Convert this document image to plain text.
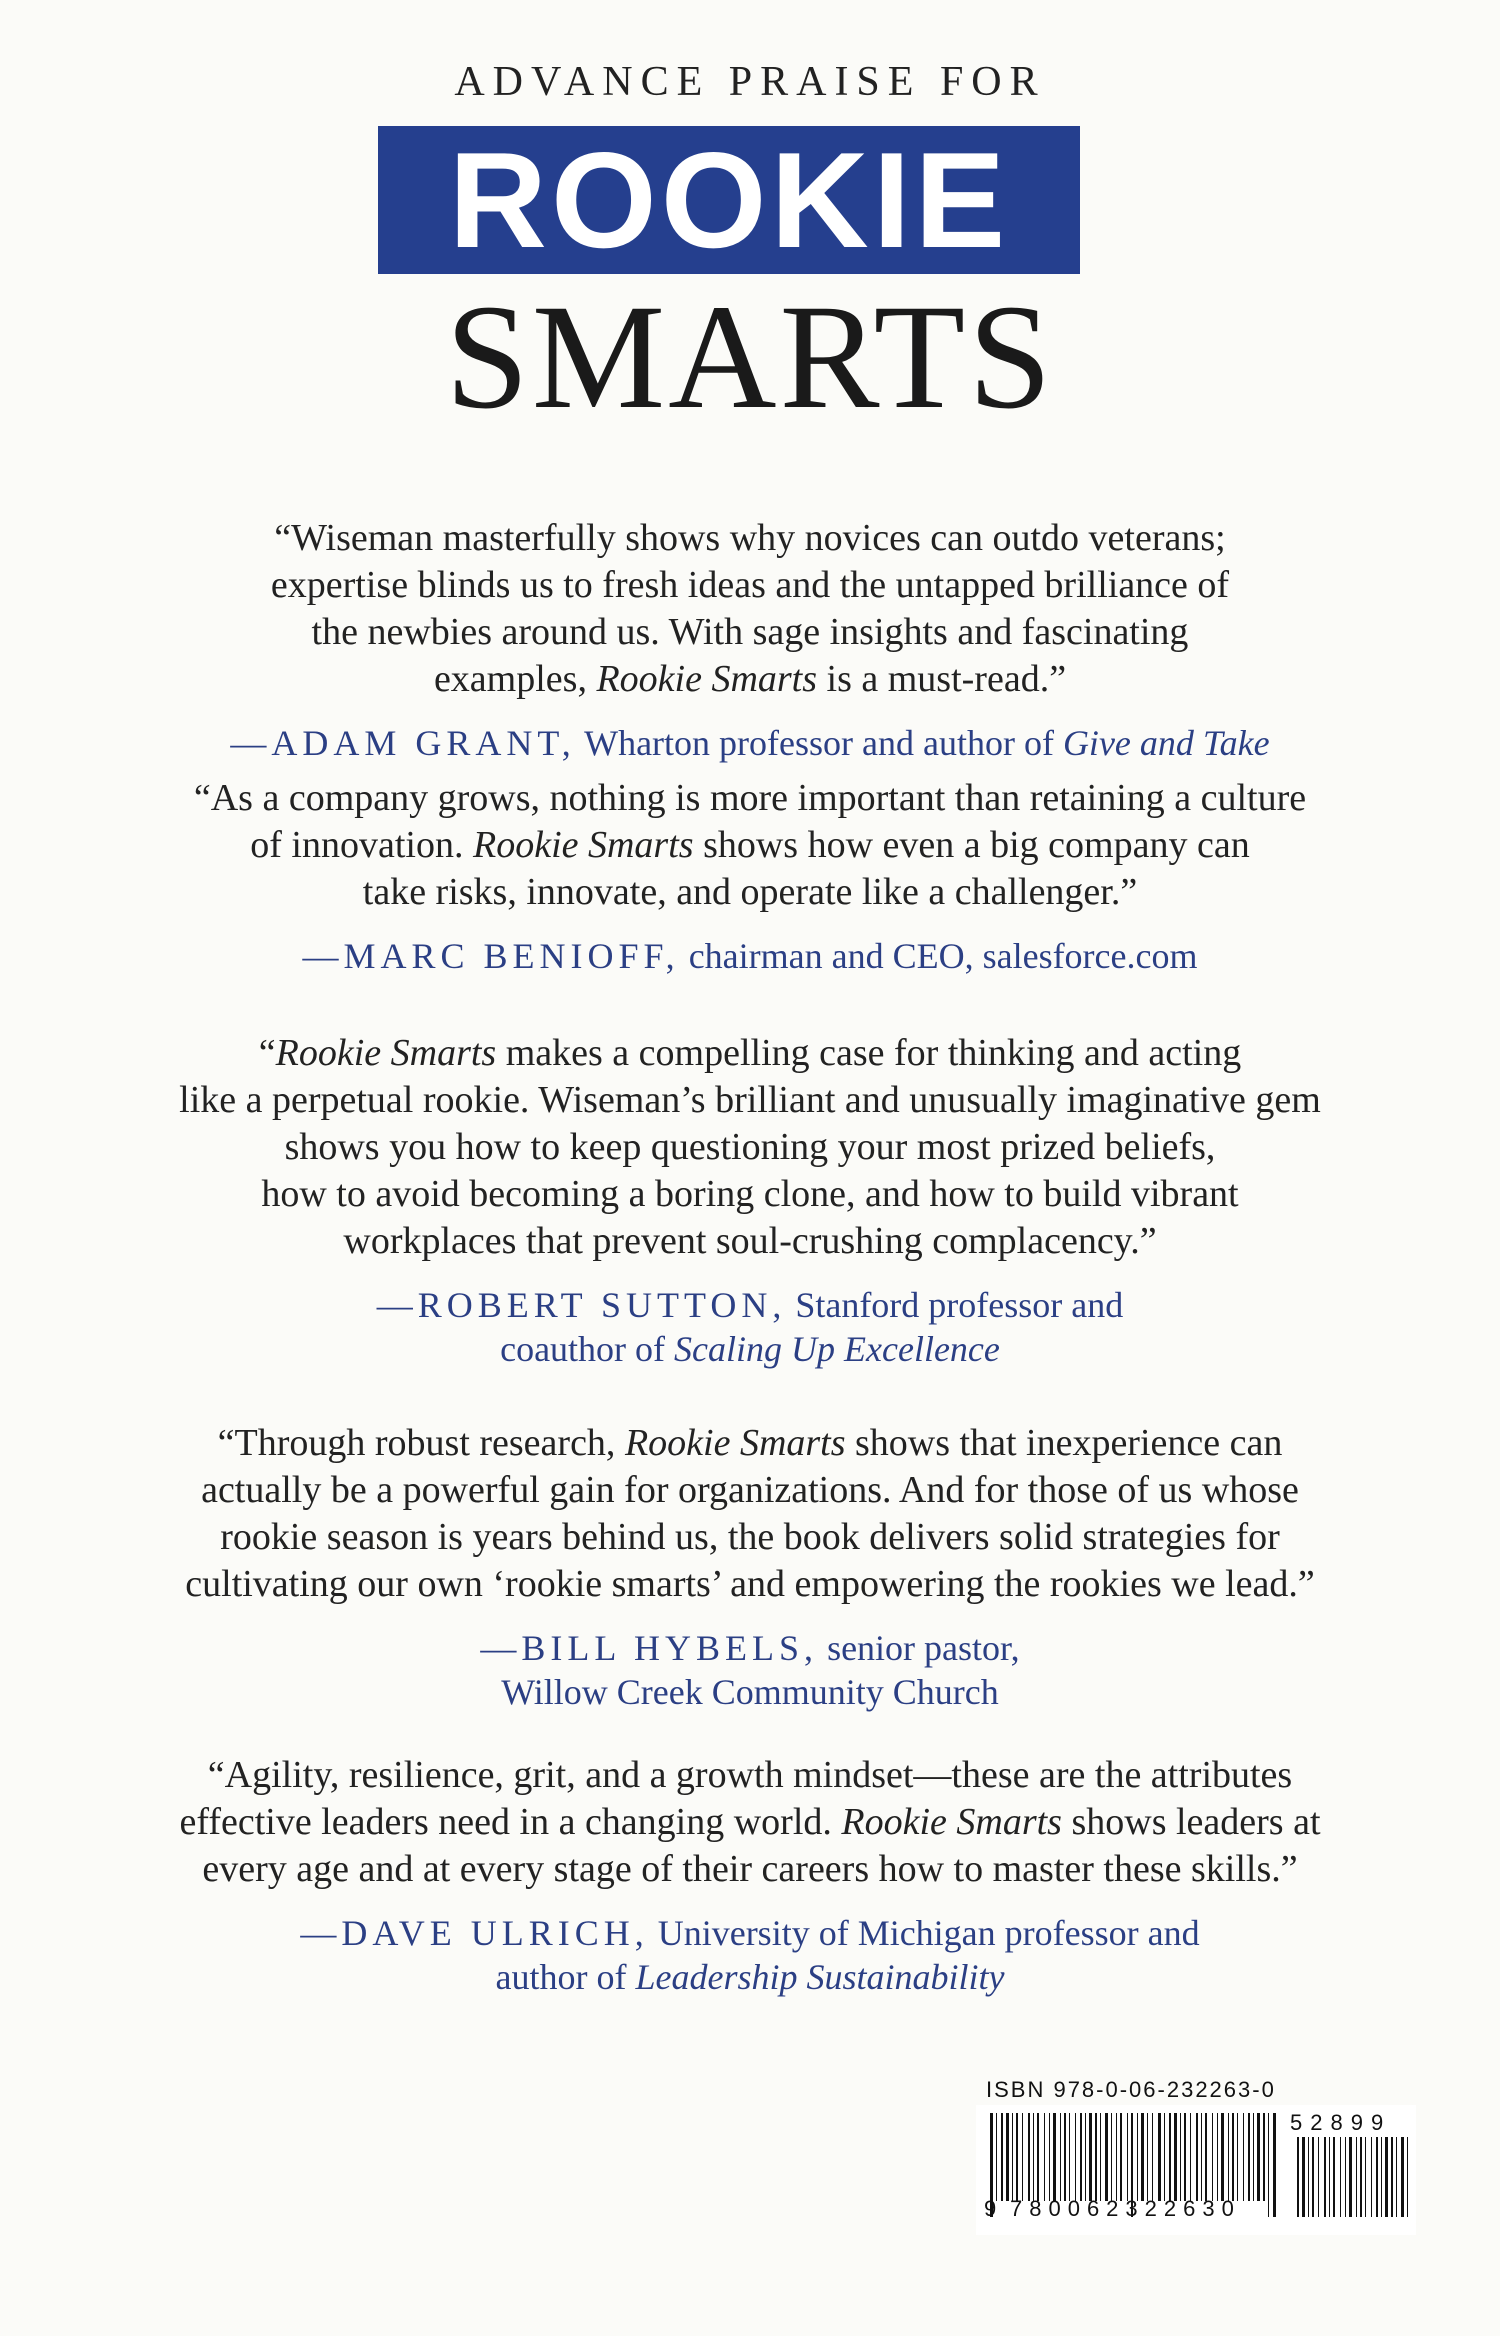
ADVANCE PRAISE FOR
ROOKIE
SMARTS
“Wiseman masterfully shows why novices can outdo veterans;
expertise blinds us to fresh ideas and the untapped brilliance of
the newbies around us. With sage insights and fascinating
examples, Rookie Smarts is a must-read.”
—ADAM GRANT, Wharton professor and author of Give and Take
“As a company grows, nothing is more important than retaining a culture
of innovation. Rookie Smarts shows how even a big company can
take risks, innovate, and operate like a challenger.”
—MARC BENIOFF, chairman and CEO, salesforce.com
“Rookie Smarts makes a compelling case for thinking and acting
like a perpetual rookie. Wiseman’s brilliant and unusually imaginative gem
shows you how to keep questioning your most prized beliefs,
how to avoid becoming a boring clone, and how to build vibrant
workplaces that prevent soul-crushing complacency.”
—ROBERT SUTTON, Stanford professor and
coauthor of Scaling Up Excellence
“Through robust research, Rookie Smarts shows that inexperience can
actually be a powerful gain for organizations. And for those of us whose
rookie season is years behind us, the book delivers solid strategies for
cultivating our own ‘rookie smarts’ and empowering the rookies we lead.”
—BILL HYBELS, senior pastor,
Willow Creek Community Church
“Agility, resilience, grit, and a growth mindset—these are the attributes
effective leaders need in a changing world. Rookie Smarts shows leaders at
every age and at every stage of their careers how to master these skills.”
—DAVE ULRICH, University of Michigan professor and
author of Leadership Sustainability
ISBN 978-0-06-232263-0
9 780062322630
52899
